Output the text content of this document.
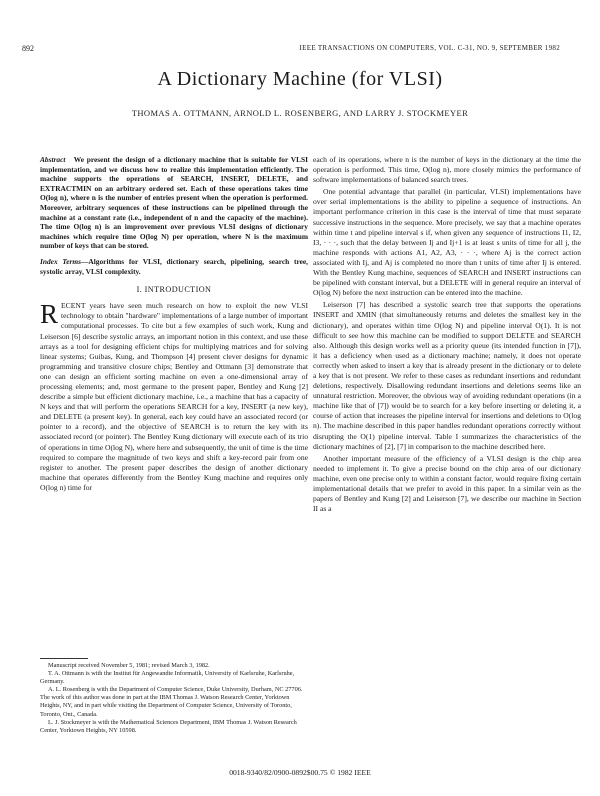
892	IEEE TRANSACTIONS ON COMPUTERS, VOL. C-31, NO. 9, SEPTEMBER 1982
A Dictionary Machine (for VLSI)
THOMAS A. OTTMANN, ARNOLD L. ROSENBERG, AND LARRY J. STOCKMEYER
Abstract We present the design of a dictionary machine that is suitable for VLSI implementation, and we discuss how to realize this implementation efficiently. The machine supports the operations of SEARCH, INSERT, DELETE, and EXTRACTMIN on an arbitrary ordered set. Each of these operations takes time O(log n), where n is the number of entries present when the operation is performed. Moreover, arbitrary sequences of these instructions can be pipelined through the machine at a constant rate (i.e., independent of n and the capacity of the machine). The time O(log n) is an improvement over previous VLSI designs of dictionary machines which require time O(log N) per operation, where N is the maximum number of keys that can be stored.
Index Terms—Algorithms for VLSI, dictionary search, pipelining, search tree, systolic array, VLSI complexity.
I. INTRODUCTION

RECENT years have seen much research on how to exploit the new VLSI technology to obtain "hardware" implementations of a large number of important computational processes. To cite but a few examples of such work, Kung and Leiserson [6] describe systolic arrays, an important notion in this context, and use these arrays as a tool for designing efficient chips for multiplying matrices and for solving linear systems; Guibas, Kung, and Thompson [4] present clever designs for dynamic programming and transitive closure chips; Bentley and Ottmann [3] demonstrate that one can design an efficient sorting machine on even a one-dimensional array of processing elements; and, most germane to the present paper, Bentley and Kung [2] describe a simple but efficient dictionary machine, i.e., a machine that has a capacity of N keys and that will perform the operations SEARCH for a key, INSERT (a new key), and DELETE (a present key). In general, each key could have an associated record (or pointer to a record), and the objective of SEARCH is to return the key with its associated record (or pointer). The Bentley Kung dictionary will execute each of its trio of operations in time O(log N), where here and subsequently, the unit of time is the time required to compare the magnitude of two keys and shift a key-record pair from one register to another. The present paper describes the design of another dictionary machine that operates differently from the Bentley Kung machine and requires only O(log n) time for

each of its operations, where n is the number of keys in the dictionary at the time the operation is performed. This time, O(log n), more closely mimics the performance of software implementations of balanced search trees.

One potential advantage that parallel (in particular, VLSI) implementations have over serial implementations is the ability to pipeline a sequence of instructions. An important performance criterion in this case is the interval of time that must separate successive instructions in the sequence. More precisely, we say that a machine operates within time t and pipeline interval s if, when given any sequence of instructions I1, I2, I3, · · ·, such that the delay between Ij and Ij+1 is at least s units of time for all j, the machine responds with actions A1, A2, A3, · · ·, where Aj is the correct action associated with Ij, and Aj is completed no more than t units of time after Ij is entered. With the Bentley Kung machine, sequences of SEARCH and INSERT instructions can be pipelined with constant interval, but a DELETE will in general require an interval of O(log N) before the next instruction can be entered into the machine.

Leiserson [7] has described a systolic search tree that supports the operations INSERT and XMIN (that simultaneously returns and deletes the smallest key in the dictionary), and operates within time O(log N) and pipeline interval O(1). It is not difficult to see how this machine can be modified to support DELETE and SEARCH also. Although this design works well as a priority queue (its intended function in [7]), it has a deficiency when used as a dictionary machine; namely, it does not operate correctly when asked to insert a key that is already present in the dictionary or to delete a key that is not present. We refer to these cases as redundant insertions and redundant deletions, respectively. Disallowing redundant insertions and deletions seems like an unnatural restriction. Moreover, the obvious way of avoiding redundant operations (in a machine like that of [7]) would be to search for a key before inserting or deleting it, a course of action that increases the pipeline interval for insertions and deletions to O(log n). The machine described in this paper handles redundant operations correctly without disrupting the O(1) pipeline interval. Table I summarizes the characteristics of the dictionary machines of [2], [7] in comparison to the machine described here.

Another important measure of the efficiency of a VLSI design is the chip area needed to implement it. To give a precise bound on the chip area of our dictionary machine, even one precise only to within a constant factor, would require fixing certain implementational details that we prefer to avoid in this paper. In a similar vein as the papers of Bentley and Kung [2] and Leiserson [7], we describe our machine in Section II as a

Manuscript received November 5, 1981; revised March 3, 1982.

T. A. Ottmann is with the Institut für Angewandte Informatik, University of Karlsruhe, Karlsruhe, Germany.

A. L. Rosenberg is with the Department of Computer Science, Duke University, Durham, NC 27706. The work of this author was done in part at the IBM Thomas J. Watson Research Center, Yorktown Heights, NY, and in part while visiting the Department of Computer Science, University of Toronto, Toronto, Ont., Canada.

L. J. Stockmeyer is with the Mathematical Sciences Department, IBM Thomas J. Watson Research Center, Yorktown Heights, NY 10598.

0018-9340/82/0900-0892$00.75 © 1982 IEEE
